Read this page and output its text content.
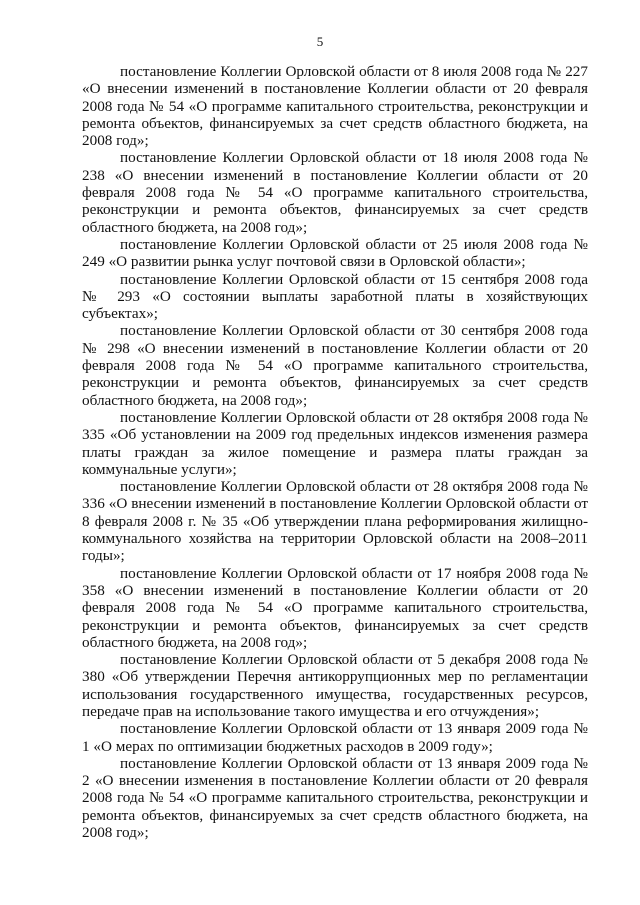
5

постановление Коллегии Орловской области от 8 июля 2008 года № 227 «О внесении изменений в постановление Коллегии области от 20 февраля 2008 года № 54 «О программе капитального строительства, реконструкции и ремонта объектов, финансируемых за счет средств областного бюджета, на 2008 год»;

постановление Коллегии Орловской области от 18 июля 2008 года № 238 «О внесении изменений в постановление Коллегии области от 20 февраля 2008 года № 54 «О программе капитального строительства, реконструкции и ремонта объектов, финансируемых за счет средств областного бюджета, на 2008 год»;

постановление Коллегии Орловской области от 25 июля 2008 года № 249 «О развитии рынка услуг почтовой связи в Орловской области»;

постановление Коллегии Орловской области от 15 сентября 2008 года № 293 «О состоянии выплаты заработной платы в хозяйствующих субъектах»;

постановление Коллегии Орловской области от 30 сентября 2008 года № 298 «О внесении изменений в постановление Коллегии области от 20 февраля 2008 года № 54 «О программе капитального строительства, реконструкции и ремонта объектов, финансируемых за счет средств областного бюджета, на 2008 год»;

постановление Коллегии Орловской области от 28 октября 2008 года № 335 «Об установлении на 2009 год предельных индексов изменения размера платы граждан за жилое помещение и размера платы граждан за коммунальные услуги»;

постановление Коллегии Орловской области от 28 октября 2008 года № 336 «О внесении изменений в постановление Коллегии Орловской области от 8 февраля 2008 г. № 35 «Об утверждении плана реформирования жилищно-коммунального хозяйства на территории Орловской области на 2008–2011 годы»;

постановление Коллегии Орловской области от 17 ноября 2008 года № 358 «О внесении изменений в постановление Коллегии области от 20 февраля 2008 года № 54 «О программе капитального строительства, реконструкции и ремонта объектов, финансируемых за счет средств областного бюджета, на 2008 год»;

постановление Коллегии Орловской области от 5 декабря 2008 года № 380 «Об утверждении Перечня антикоррупционных мер по регламентации использования государственного имущества, государственных ресурсов, передаче прав на использование такого имущества и его отчуждения»;

постановление Коллегии Орловской области от 13 января 2009 года № 1 «О мерах по оптимизации бюджетных расходов в 2009 году»;

постановление Коллегии Орловской области от 13 января 2009 года № 2 «О внесении изменения в постановление Коллегии области от 20 февраля 2008 года № 54 «О программе капитального строительства, реконструкции и ремонта объектов, финансируемых за счет средств областного бюджета, на 2008 год»;
